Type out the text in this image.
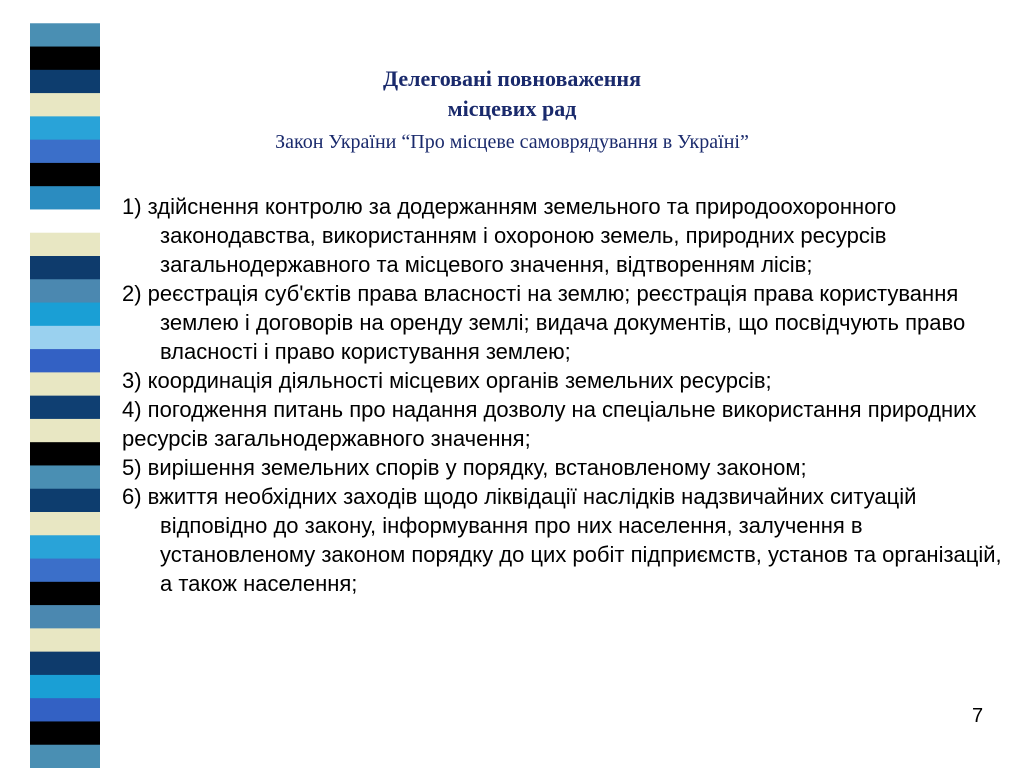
Делеговані повноваження
місцевих рад
Закон України “Про місцеве самоврядування в Україні”

1) здійснення контролю за додержанням земельного та природоохоронного законодавства, використанням і охороною земель, природних ресурсів загальнодержавного та місцевого значення, відтворенням лісів;

2) реєстрація суб'єктів права власності на землю; реєстрація права користування землею і договорів на оренду землі; видача документів, що посвідчують право власності і право користування землею;

3) координація діяльності місцевих органів земельних ресурсів;

4) погодження питань про надання дозволу на спеціальне використання природних ресурсів загальнодержавного значення;

5) вирішення земельних спорів у порядку, встановленому законом;

6) вжиття необхідних заходів щодо ліквідації наслідків надзвичайних ситуацій відповідно до закону, інформування про них населення, залучення в установленому законом порядку до цих робіт підприємств, установ та організацій, а також населення;

7
